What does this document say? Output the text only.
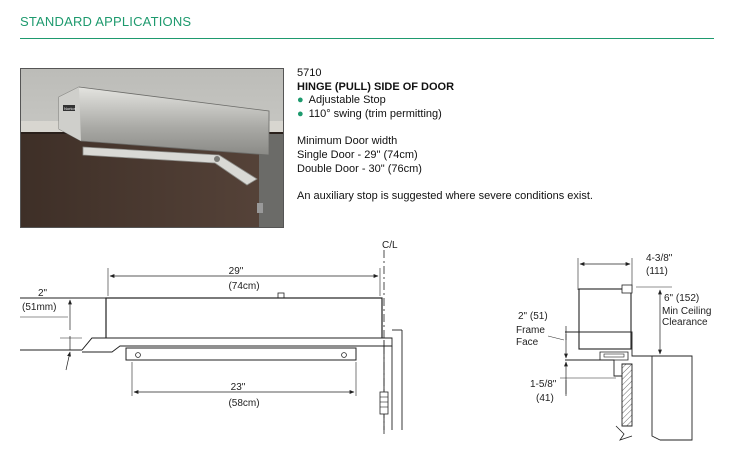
STANDARD APPLICATIONS
Norton
5710
HINGE (PULL) SIDE OF DOOR
● Adjustable Stop
● 110° swing (trim permitting)
Minimum Door width
Single Door - 29" (74cm)
Double Door - 30" (76cm)
An auxiliary stop is suggested where severe conditions exist.
C/L
29"
(74cm)
2"
(51mm)
23"
(58cm)
4-3/8"
(111)
6" (152)
Min Ceiling
Clearance
2" (51)
Frame
Face
1-5/8"
(41)
